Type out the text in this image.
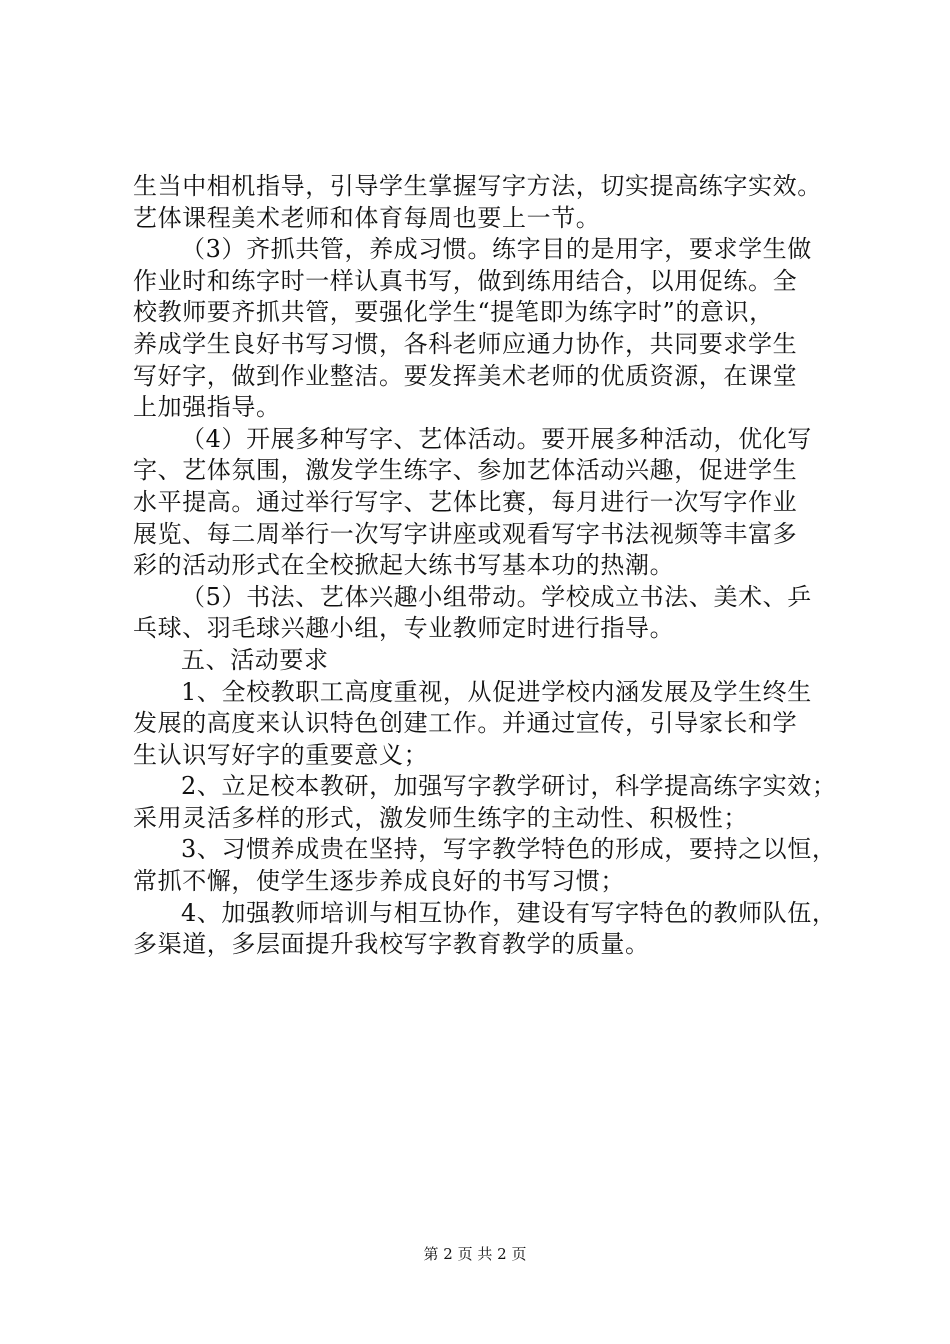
生当中相机指导，引导学生掌握写字方法，切实提高练字实效。
艺体课程美术老师和体育每周也要上一节。
（3）齐抓共管，养成习惯。练字目的是用字，要求学生做
作业时和练字时一样认真书写，做到练用结合，以用促练。全
校教师要齐抓共管，要强化学生“提笔即为练字时”的意识，
养成学生良好书写习惯，各科老师应通力协作，共同要求学生
写好字，做到作业整洁。要发挥美术老师的优质资源，在课堂
上加强指导。
（4）开展多种写字、艺体活动。要开展多种活动，优化写
字、艺体氛围，激发学生练字、参加艺体活动兴趣，促进学生
水平提高。通过举行写字、艺体比赛，每月进行一次写字作业
展览、每二周举行一次写字讲座或观看写字书法视频等丰富多
彩的活动形式在全校掀起大练书写基本功的热潮。
（5）书法、艺体兴趣小组带动。学校成立书法、美术、乒
乓球、羽毛球兴趣小组，专业教师定时进行指导。
五、活动要求
1、全校教职工高度重视，从促进学校内涵发展及学生终生
发展的高度来认识特色创建工作。并通过宣传，引导家长和学
生认识写好字的重要意义；
2、立足校本教研，加强写字教学研讨，科学提高练字实效；
采用灵活多样的形式，激发师生练字的主动性、积极性；
3、习惯养成贵在坚持，写字教学特色的形成，要持之以恒，
常抓不懈，使学生逐步养成良好的书写习惯；
4、加强教师培训与相互协作，建设有写字特色的教师队伍，
多渠道，多层面提升我校写字教育教学的质量。
第 2 页 共 2 页
